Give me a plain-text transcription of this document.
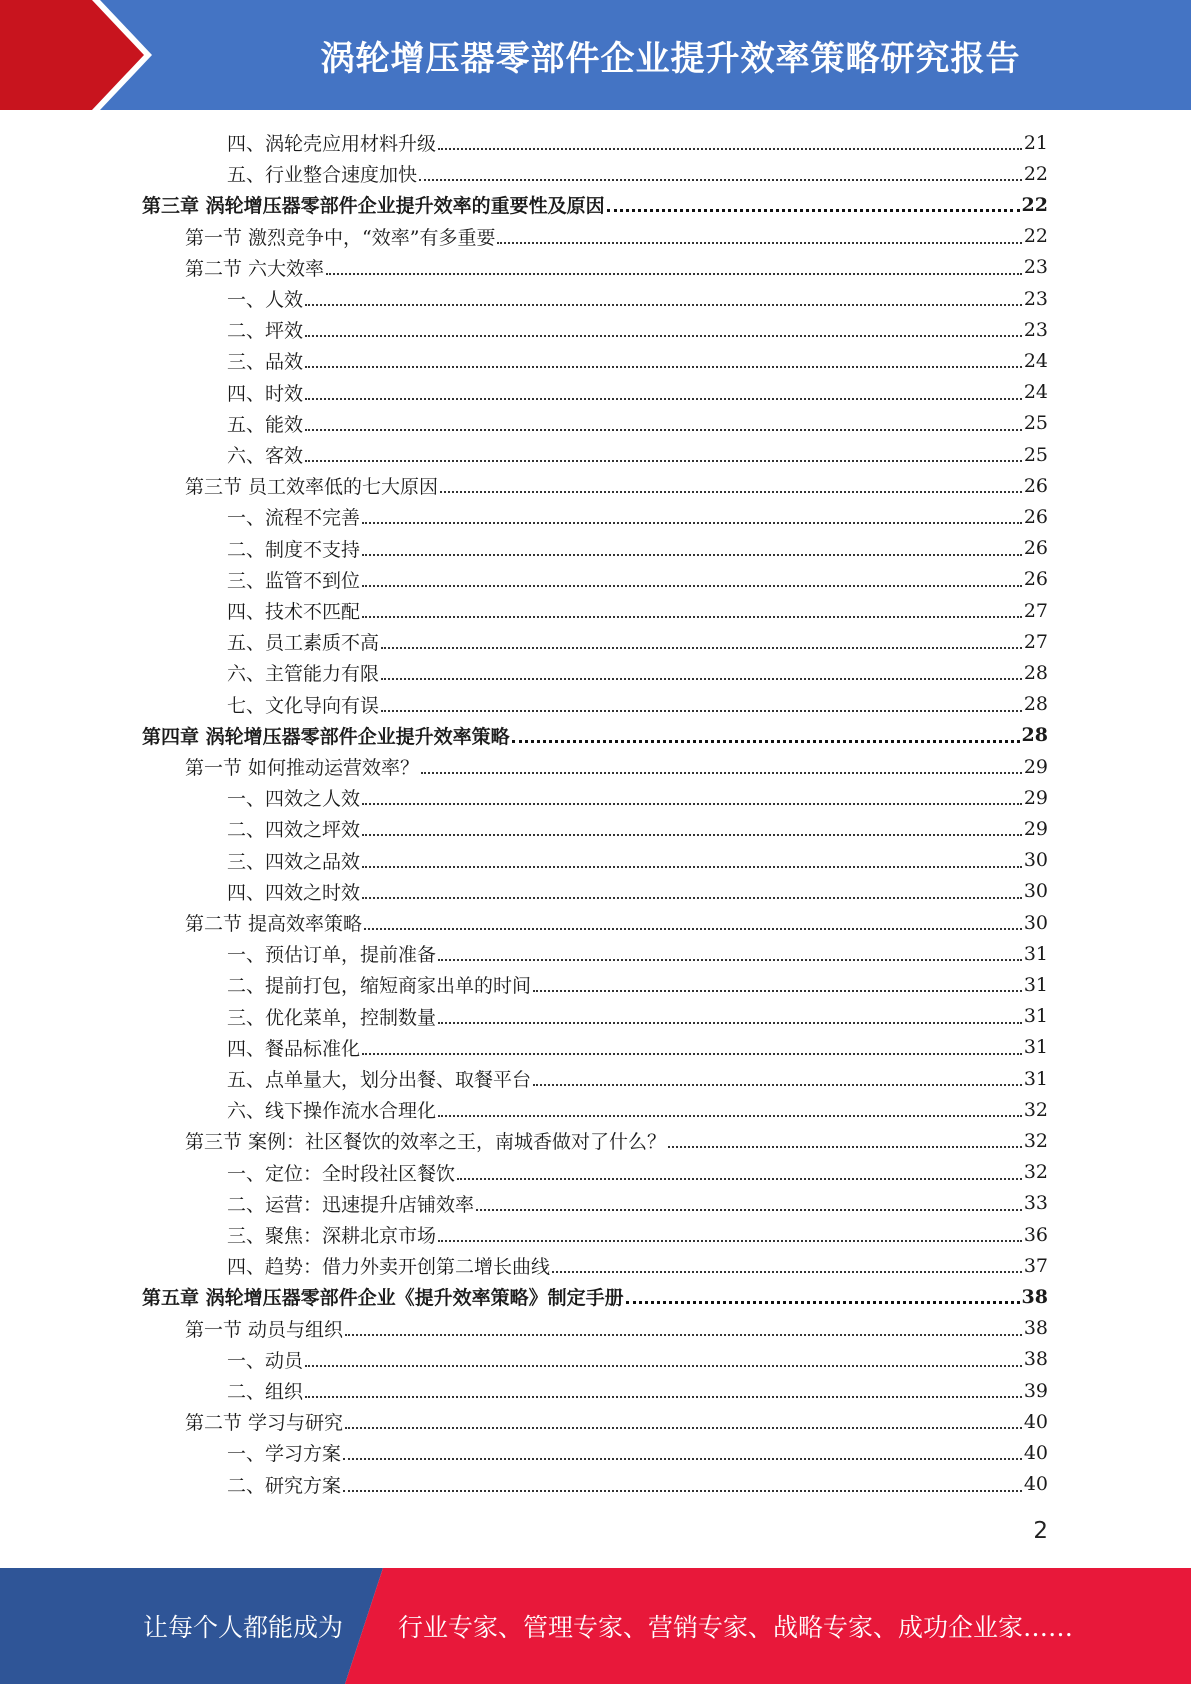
涡轮增压器零部件企业提升效率策略研究报告
四、涡轮壳应用材料升级	21
五、行业整合速度加快	22
第三章 涡轮增压器零部件企业提升效率的重要性及原因	22
第一节 激烈竞争中，“效率”有多重要	22
第二节 六大效率	23
一、人效	23
二、坪效	23
三、品效	24
四、时效	24
五、能效	25
六、客效	25
第三节 员工效率低的七大原因	26
一、流程不完善	26
二、制度不支持	26
三、监管不到位	26
四、技术不匹配	27
五、员工素质不高	27
六、主管能力有限	28
七、文化导向有误	28
第四章 涡轮增压器零部件企业提升效率策略	28
第一节 如何推动运营效率？	29
一、四效之人效	29
二、四效之坪效	29
三、四效之品效	30
四、四效之时效	30
第二节 提高效率策略	30
一、预估订单，提前准备	31
二、提前打包，缩短商家出单的时间	31
三、优化菜单，控制数量	31
四、餐品标准化	31
五、点单量大，划分出餐、取餐平台	31
六、线下操作流水合理化	32
第三节 案例：社区餐饮的效率之王，南城香做对了什么？	32
一、定位：全时段社区餐饮	32
二、运营：迅速提升店铺效率	33
三、聚焦：深耕北京市场	36
四、趋势：借力外卖开创第二增长曲线	37
第五章 涡轮增压器零部件企业《提升效率策略》制定手册	38
第一节 动员与组织	38
一、动员	38
二、组织	39
第二节 学习与研究	40
一、学习方案	40
二、研究方案	40
2
让每个人都能成为 行业专家、管理专家、营销专家、战略专家、成功企业家……
